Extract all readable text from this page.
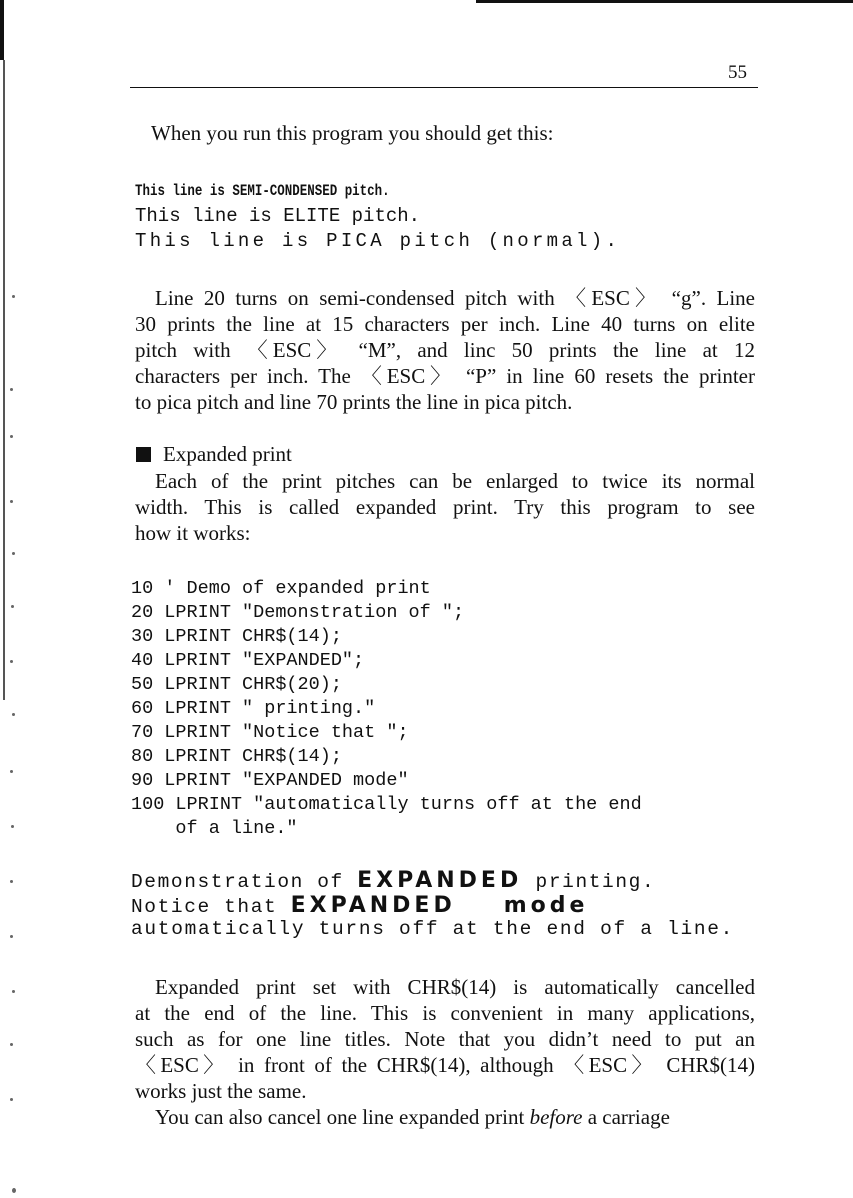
55
When you run this program you should get this:
This line is SEMI-CONDENSED pitch.
This line is ELITE pitch.
This line is PICA pitch (normal).
Line 20 turns on semi-condensed pitch with 〈ESC〉 “g”. Line
30 prints the line at 15 characters per inch. Line 40 turns on elite
pitch with 〈ESC〉 “M”, and linc 50 prints the line at 12
characters per inch. The 〈ESC〉 “P” in line 60 resets the printer
to pica pitch and line 70 prints the line in pica pitch.
Expanded print
Each of the print pitches can be enlarged to twice its normal
width. This is called expanded print. Try this program to see
how it works:
10 ' Demo of expanded print
20 LPRINT "Demonstration of ";
30 LPRINT CHR$(14);
40 LPRINT "EXPANDED";
50 LPRINT CHR$(20);
60 LPRINT " printing."
70 LPRINT "Notice that ";
80 LPRINT CHR$(14);
90 LPRINT "EXPANDED mode"
100 LPRINT "automatically turns off at the end
of a line."
Demonstration of EXPANDED printing.
Notice that EXPANDED mode
automatically turns off at the end of a line.
Expanded print set with CHR$(14) is automatically cancelled
at the end of the line. This is convenient in many applications,
such as for one line titles. Note that you didn’t need to put an
〈ESC〉 in front of the CHR$(14), although 〈ESC〉 CHR$(14)
works just the same.
You can also cancel one line expanded print before a carriage
